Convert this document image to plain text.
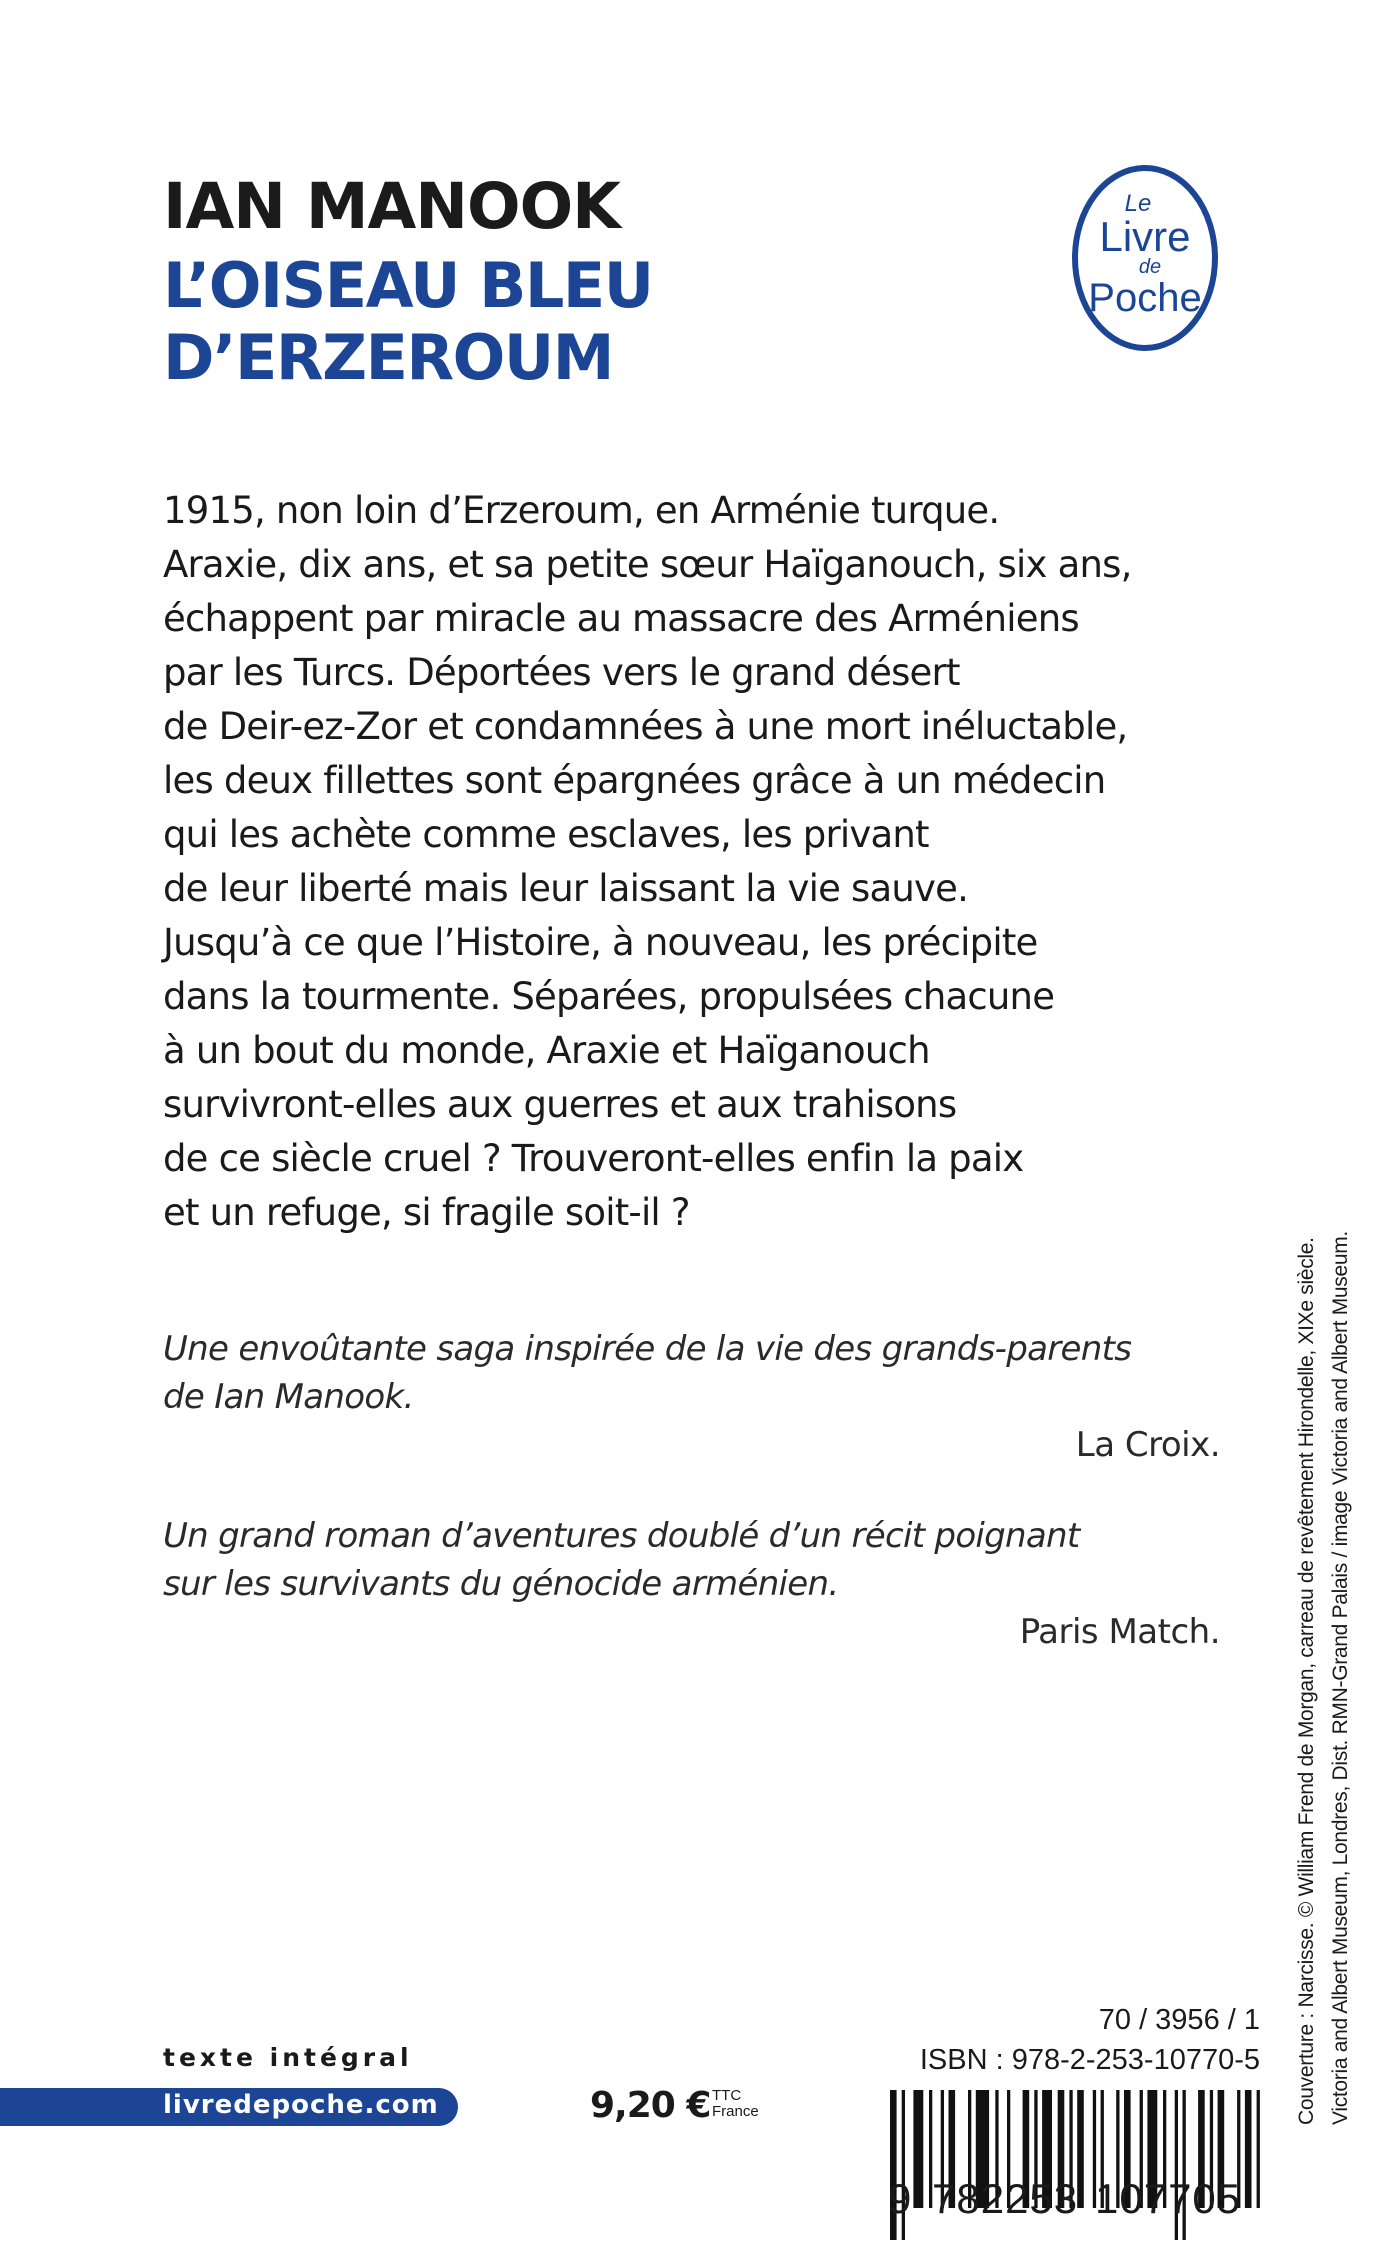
IAN MANOOK
L’OISEAU BLEU
D’ERZEROUM
Le
Livre
de
Poche
1915, non loin d’Erzeroum, en Arménie turque.
Araxie, dix ans, et sa petite sœur Haïganouch, six ans,
échappent par miracle au massacre des Arméniens
par les Turcs. Déportées vers le grand désert
de Deir-ez-Zor et condamnées à une mort inéluctable,
les deux fillettes sont épargnées grâce à un médecin
qui les achète comme esclaves, les privant
de leur liberté mais leur laissant la vie sauve.
Jusqu’à ce que l’Histoire, à nouveau, les précipite
dans la tourmente. Séparées, propulsées chacune
à un bout du monde, Araxie et Haïganouch
survivront-elles aux guerres et aux trahisons
de ce siècle cruel ? Trouveront-elles enfin la paix
et un refuge, si fragile soit-il ?
Une envoûtante saga inspirée de la vie des grands-parents
de Ian Manook.
La Croix.
Un grand roman d’aventures doublé d’un récit poignant
sur les survivants du génocide arménien.
Paris Match.	Couverture : Narcisse. © William Frend de Morgan, carreau de revêtement Hirondelle, XIXe siècle. Victoria and Albert Museum, Londres, Dist. RMN-Grand Palais / image Victoria and Albert Museum.
texte intégral
livredepoche.com	9,20 € TTC
France
70 / 3956 / 1
ISBN : 978-2-253-10770-5
9 782253 107705
